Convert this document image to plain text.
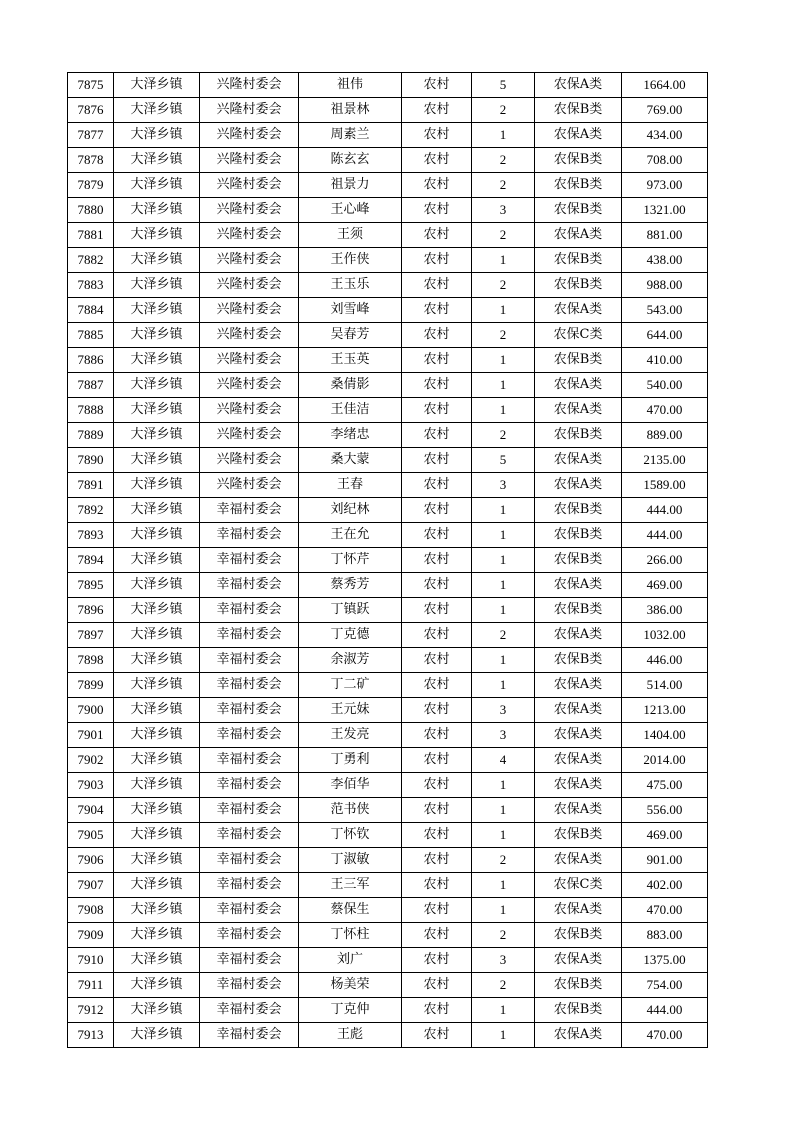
7875	大泽乡镇	兴隆村委会	祖伟	农村	5	农保A类	1664.00
7876	大泽乡镇	兴隆村委会	祖景林	农村	2	农保B类	769.00
7877	大泽乡镇	兴隆村委会	周素兰	农村	1	农保A类	434.00
7878	大泽乡镇	兴隆村委会	陈玄玄	农村	2	农保B类	708.00
7879	大泽乡镇	兴隆村委会	祖景力	农村	2	农保B类	973.00
7880	大泽乡镇	兴隆村委会	王心峰	农村	3	农保B类	1321.00
7881	大泽乡镇	兴隆村委会	王须	农村	2	农保A类	881.00
7882	大泽乡镇	兴隆村委会	王作侠	农村	1	农保B类	438.00
7883	大泽乡镇	兴隆村委会	王玉乐	农村	2	农保B类	988.00
7884	大泽乡镇	兴隆村委会	刘雪峰	农村	1	农保A类	543.00
7885	大泽乡镇	兴隆村委会	吴春芳	农村	2	农保C类	644.00
7886	大泽乡镇	兴隆村委会	王玉英	农村	1	农保B类	410.00
7887	大泽乡镇	兴隆村委会	桑倩影	农村	1	农保A类	540.00
7888	大泽乡镇	兴隆村委会	王佳洁	农村	1	农保A类	470.00
7889	大泽乡镇	兴隆村委会	李绪忠	农村	2	农保B类	889.00
7890	大泽乡镇	兴隆村委会	桑大蒙	农村	5	农保A类	2135.00
7891	大泽乡镇	兴隆村委会	王春	农村	3	农保A类	1589.00
7892	大泽乡镇	幸福村委会	刘纪林	农村	1	农保B类	444.00
7893	大泽乡镇	幸福村委会	王在允	农村	1	农保B类	444.00
7894	大泽乡镇	幸福村委会	丁怀芹	农村	1	农保B类	266.00
7895	大泽乡镇	幸福村委会	蔡秀芳	农村	1	农保A类	469.00
7896	大泽乡镇	幸福村委会	丁镇跃	农村	1	农保B类	386.00
7897	大泽乡镇	幸福村委会	丁克德	农村	2	农保A类	1032.00
7898	大泽乡镇	幸福村委会	余淑芳	农村	1	农保B类	446.00
7899	大泽乡镇	幸福村委会	丁二矿	农村	1	农保A类	514.00
7900	大泽乡镇	幸福村委会	王元妹	农村	3	农保A类	1213.00
7901	大泽乡镇	幸福村委会	王发亮	农村	3	农保A类	1404.00
7902	大泽乡镇	幸福村委会	丁勇利	农村	4	农保A类	2014.00
7903	大泽乡镇	幸福村委会	李佰华	农村	1	农保A类	475.00
7904	大泽乡镇	幸福村委会	范书侠	农村	1	农保A类	556.00
7905	大泽乡镇	幸福村委会	丁怀钦	农村	1	农保B类	469.00
7906	大泽乡镇	幸福村委会	丁淑敏	农村	2	农保A类	901.00
7907	大泽乡镇	幸福村委会	王三军	农村	1	农保C类	402.00
7908	大泽乡镇	幸福村委会	蔡保生	农村	1	农保A类	470.00
7909	大泽乡镇	幸福村委会	丁怀柱	农村	2	农保B类	883.00
7910	大泽乡镇	幸福村委会	刘广	农村	3	农保A类	1375.00
7911	大泽乡镇	幸福村委会	杨美荣	农村	2	农保B类	754.00
7912	大泽乡镇	幸福村委会	丁克仲	农村	1	农保B类	444.00
7913	大泽乡镇	幸福村委会	王彪	农村	1	农保A类	470.00
